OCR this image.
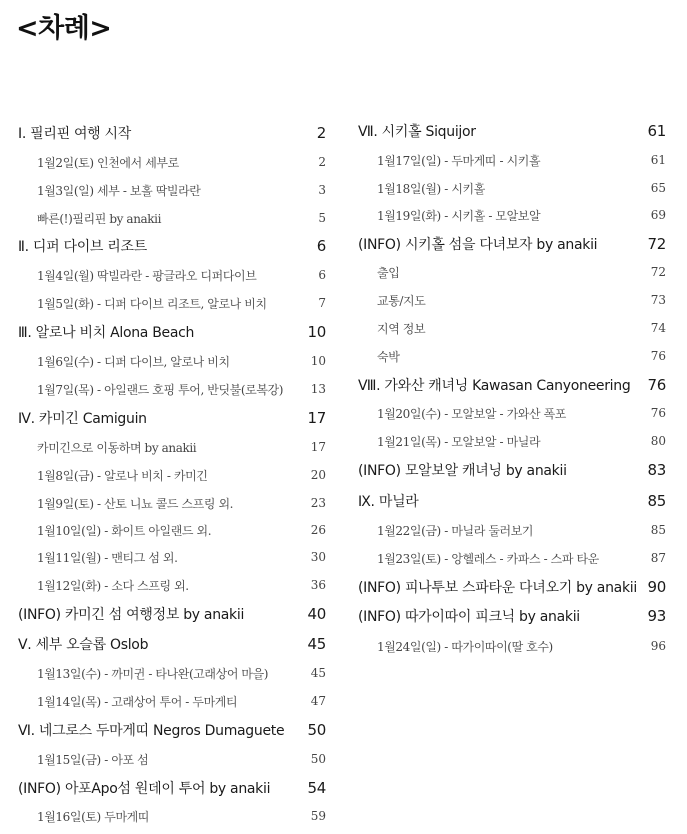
<차례>
Ⅰ. 필리핀 여행 시작	2
1월2일(토) 인천에서 세부로	2
1월3일(일) 세부 - 보홀 딱빌라란	3
빠른(!)필리핀 by anakii	5
Ⅱ. 디퍼 다이브 리조트	6
1월4일(월) 딱빌라란 - 팡글라오 디퍼다이브	6
1월5일(화) - 디퍼 다이브 리조트, 알로나 비치	7
Ⅲ. 알로나 비치 Alona Beach	10
1월6일(수) - 디퍼 다이브, 알로나 비치	10
1월7일(목) - 아일랜드 호핑 투어, 반딧불(로복강) 13
Ⅳ. 카미긴 Camiguin	17
카미긴으로 이동하며 by anakii	17
1월8일(금) - 알로나 비치 - 카미긴	20
1월9일(토) - 산토 니뇨 콜드 스프링 외.	23
1월10일(일) - 화이트 아일랜드 외.	26
1월11일(월) - 맨티그 섬 외.	30
1월12일(화) - 소다 스프링 외.	36
(INFO) 카미긴 섬 여행정보 by anakii	40
Ⅴ. 세부 오슬롭 Oslob	45
1월13일(수) - 까미귄 - 타나완(고래상어 마을)	45
1월14일(목) - 고래상어 투어 - 두마게티	47
Ⅵ. 네그로스 두마게띠 Negros Dumaguete 50
1월15일(금) - 아포 섬	50
(INFO) 아포Apo섬 원데이 투어 by anakii 54
1월16일(토) 두마게띠	59
Ⅶ. 시키홀 Siquijor	61
1월17일(일) - 두마게띠 - 시키홀	61
1월18일(월) - 시키홀	65
1월19일(화) - 시키홀 - 모알보알	69
(INFO) 시키홀 섬을 다녀보자 by anakii	72
출입	72
교통/지도	73
지역 정보	74
숙박	76
Ⅷ. 가와산 캐녀닝 Kawasan Canyoneering 76
1월20일(수) - 모알보알 - 가와산 폭포	76
1월21일(목) - 모알보알 - 마닐라	80
(INFO) 모알보알 캐녀닝 by anakii	83
Ⅸ. 마닐라	85
1월22일(금) - 마닐라 둘러보기	85
1월23일(토) - 앙헬레스 - 카파스 - 스파 타운	87
(INFO) 피나투보 스파타운 다녀오기 by anakii 90
(INFO) 따가이따이 피크닉 by anakii	93
1월24일(일) - 따가이따이(딸 호수)	96
